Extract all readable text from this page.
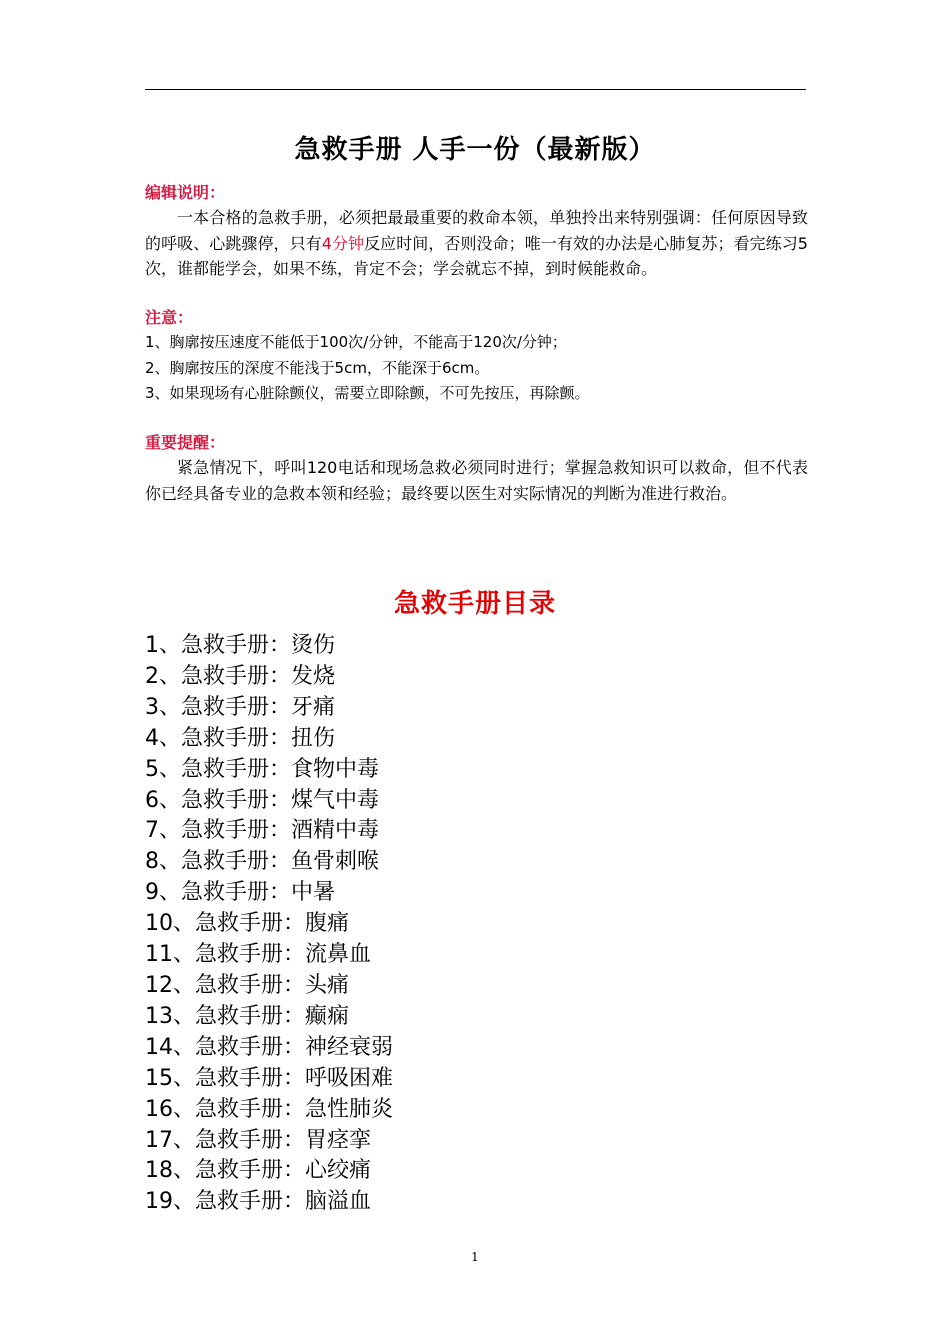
急救手册 人手一份（最新版）
编辑说明：

一本合格的急救手册，必须把最最重要的救命本领，单独拎出来特别强调：任何原因导致的呼吸、心跳骤停，只有4分钟反应时间，否则没命；唯一有效的办法是心肺复苏；看完练习5次，谁都能学会，如果不练，肯定不会；学会就忘不掉，到时候能救命。

注意：
1、胸廓按压速度不能低于100次/分钟，不能高于120次/分钟；
2、胸廓按压的深度不能浅于5cm，不能深于6cm。
3、如果现场有心脏除颤仪，需要立即除颤，不可先按压，再除颤。
重要提醒：

紧急情况下，呼叫120电话和现场急救必须同时进行；掌握急救知识可以救命，但不代表你已经具备专业的急救本领和经验；最终要以医生对实际情况的判断为准进行救治。

急救手册目录
1、急救手册：烫伤
2、急救手册：发烧
3、急救手册：牙痛
4、急救手册：扭伤
5、急救手册：食物中毒
6、急救手册：煤气中毒
7、急救手册：酒精中毒
8、急救手册：鱼骨刺喉
9、急救手册：中暑
10、急救手册：腹痛
11、急救手册：流鼻血
12、急救手册：头痛
13、急救手册：癫痫
14、急救手册：神经衰弱
15、急救手册：呼吸困难
16、急救手册：急性肺炎
17、急救手册：胃痉挛
18、急救手册：心绞痛
19、急救手册：脑溢血
1
